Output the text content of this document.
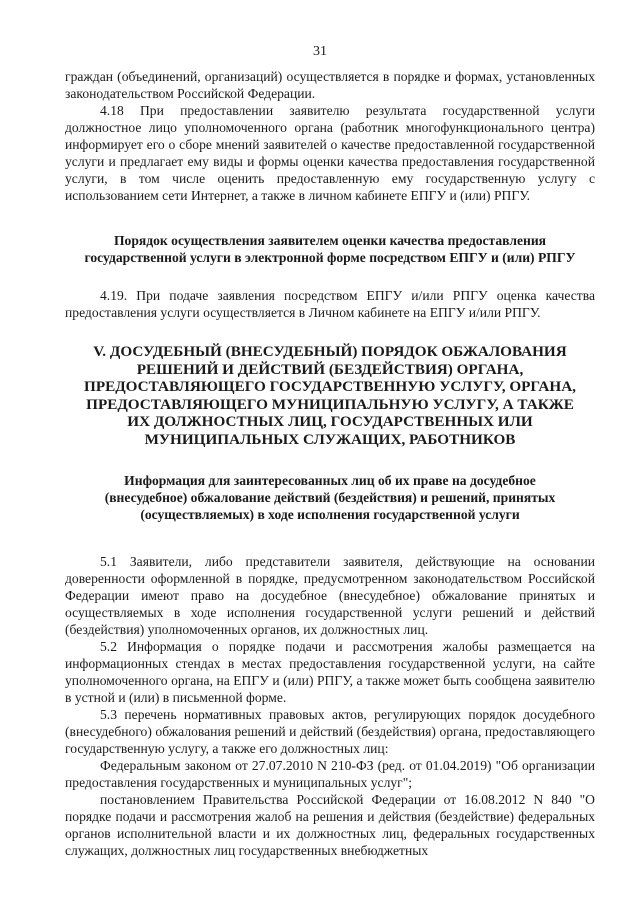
31

граждан (объединений, организаций) осуществляется в порядке и формах, установленных законодательством Российской Федерации.

4.18 При предоставлении заявителю результата государственной услуги должностное лицо уполномоченного органа (работник многофункционального центра) информирует его о сборе мнений заявителей о качестве предоставленной государственной услуги и предлагает ему виды и формы оценки качества предоставления государственной услуги, в том числе оценить предоставленную ему государственную услугу с использованием сети Интернет, а также в личном кабинете ЕПГУ и (или) РПГУ.

Порядок осуществления заявителем оценки качества предоставления государственной услуги в электронной форме посредством ЕПГУ и (или) РПГУ

4.19. При подаче заявления посредством ЕПГУ и/или РПГУ оценка качества предоставления услуги осуществляется в Личном кабинете на ЕПГУ и/или РПГУ.

V. ДОСУДЕБНЫЙ (ВНЕСУДЕБНЫЙ) ПОРЯДОК ОБЖАЛОВАНИЯ РЕШЕНИЙ И ДЕЙСТВИЙ (БЕЗДЕЙСТВИЯ) ОРГАНА, ПРЕДОСТАВЛЯЮЩЕГО ГОСУДАРСТВЕННУЮ УСЛУГУ, ОРГАНА, ПРЕДОСТАВЛЯЮЩЕГО МУНИЦИПАЛЬНУЮ УСЛУГУ, А ТАКЖЕ ИХ ДОЛЖНОСТНЫХ ЛИЦ, ГОСУДАРСТВЕННЫХ ИЛИ МУНИЦИПАЛЬНЫХ СЛУЖАЩИХ, РАБОТНИКОВ

Информация для заинтересованных лиц об их праве на досудебное (внесудебное) обжалование действий (бездействия) и решений, принятых (осуществляемых) в ходе исполнения государственной услуги

5.1 Заявители, либо представители заявителя, действующие на основании доверенности оформленной в порядке, предусмотренном законодательством Российской Федерации имеют право на досудебное (внесудебное) обжалование принятых и осуществляемых в ходе исполнения государственной услуги решений и действий (бездействия) уполномоченных органов, их должностных лиц.

5.2 Информация о порядке подачи и рассмотрения жалобы размещается на информационных стендах в местах предоставления государственной услуги, на сайте уполномоченного органа, на ЕПГУ и (или) РПГУ, а также может быть сообщена заявителю в устной и (или) в письменной форме.

5.3 перечень нормативных правовых актов, регулирующих порядок досудебного (внесудебного) обжалования решений и действий (бездействия) органа, предоставляющего государственную услугу, а также его должностных лиц:

Федеральным законом от 27.07.2010 N 210-ФЗ (ред. от 01.04.2019) "Об организации предоставления государственных и муниципальных услуг";

постановлением Правительства Российской Федерации от 16.08.2012 N 840 "О порядке подачи и рассмотрения жалоб на решения и действия (бездействие) федеральных органов исполнительной власти и их должностных лиц, федеральных государственных служащих, должностных лиц государственных внебюджетных
